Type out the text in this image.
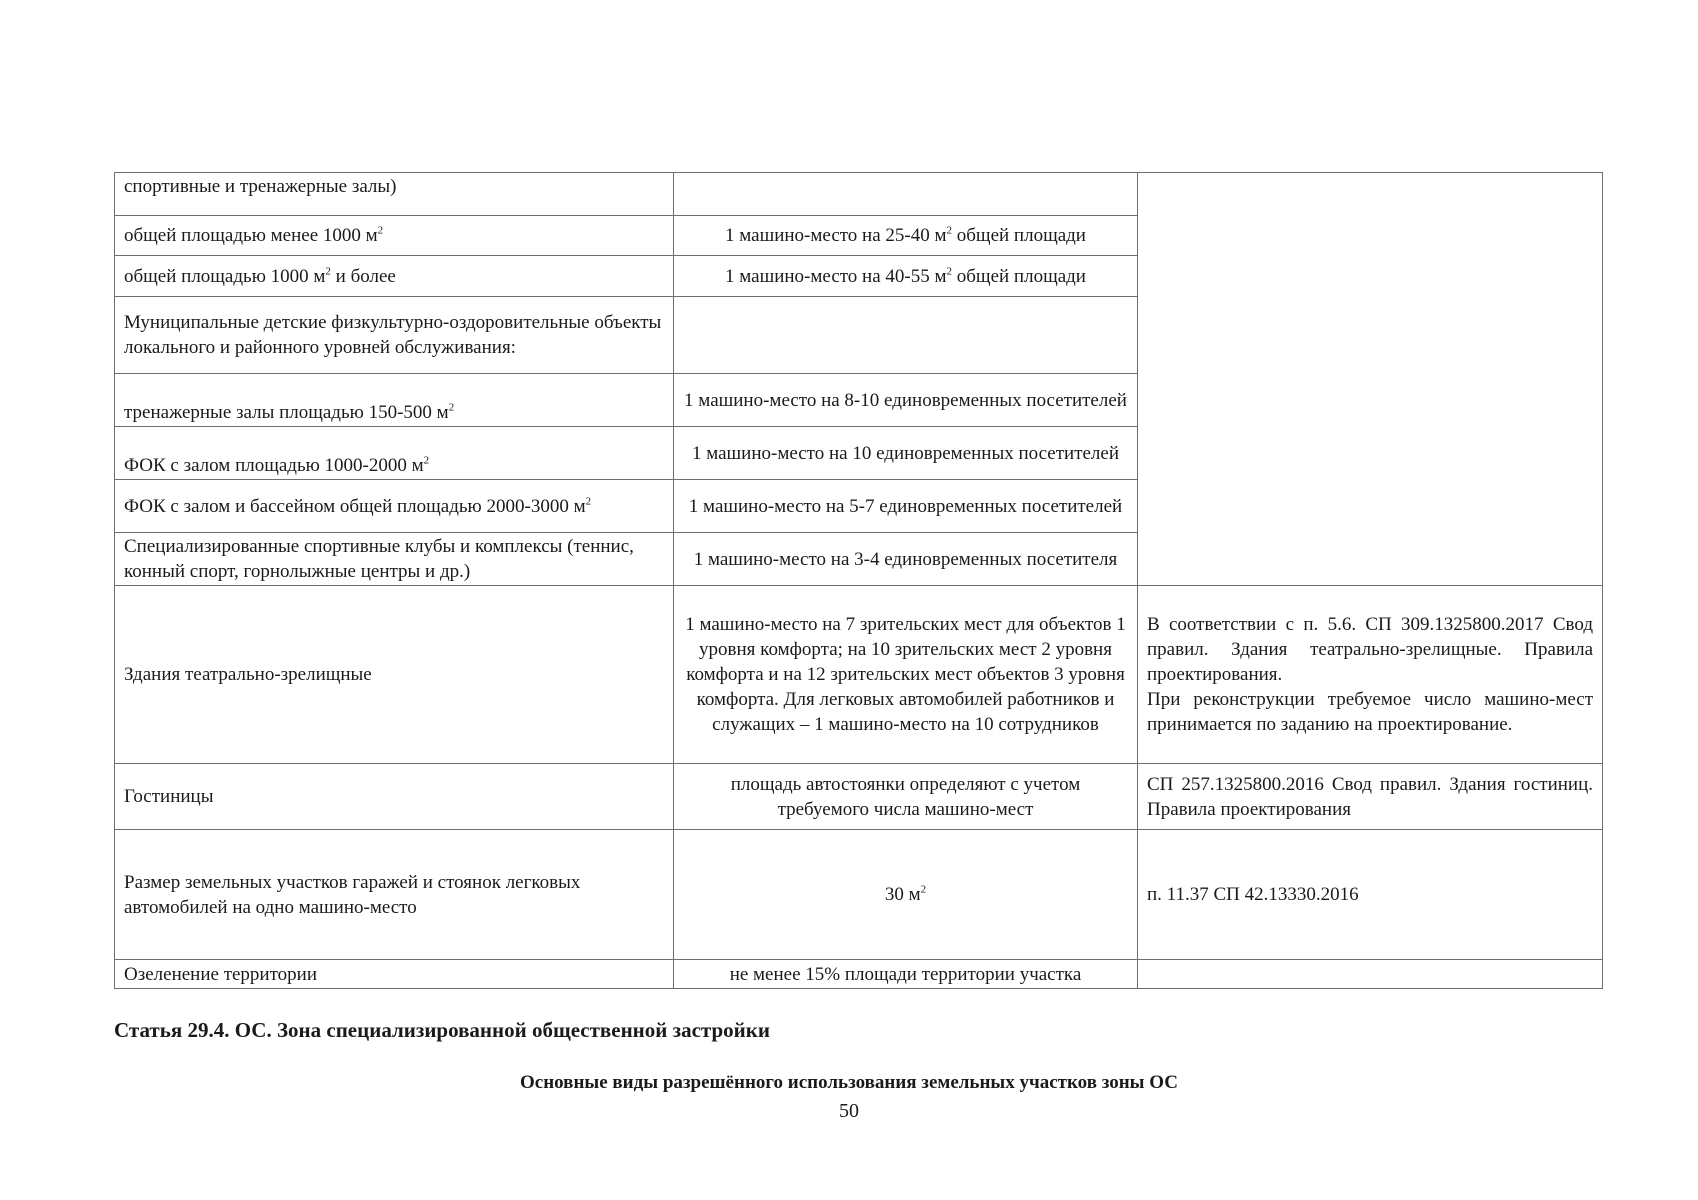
спортивные и тренажерные залы)		
общей площадью менее 1000 $м^2$	1 машино-место на 25-40 $м^2$ общей площади	
общей площадью 1000 $м^2$ и более	1 машино-место на 40-55 $м^2$ общей площади	
Муниципальные детские физкультурно-оздоровительные объекты локального и районного уровней обслуживания:		
тренажерные залы площадью 150-500 $м^2$	1 машино-место на 8-10 единовременных посетителей	
ФОК с залом площадью 1000-2000 $м^2$	1 машино-место на 10 единовременных посетителей	
ФОК с залом и бассейном общей площадью 2000-3000 $м^2$	1 машино-место на 5-7 единовременных посетителей	
Специализированные спортивные клубы и комплексы (теннис, конный спорт, горнолыжные центры и др.)	1 машино-место на 3-4 единовременных посетителя	
Здания театрально-зрелищные	1 машино-место на 7 зрительских мест для объектов 1 уровня комфорта; на 10 зрительских мест 2 уровня комфорта и на 12 зрительских мест объектов 3 уровня комфорта. Для легковых автомобилей работников и служащих – 1 машино-место на 10 сотрудников	В соответствии с п. 5.6. СП 309.1325800.2017 Свод правил. Здания театрально-зрелищные. Правила проектирования.
При реконструкции требуемое число машино-мест принимается по заданию на проектирование.

Гостиницы	площадь автостоянки определяют с учетом требуемого числа машино-мест	СП 257.1325800.2016 Свод правил. Здания гостиниц. Правила проектирования
Размер земельных участков гаражей и стоянок легковых автомобилей на одно машино-место	30 $м^2$	п. 11.37 СП 42.13330.2016
Озеленение территории	не менее 15% площади территории участка	
Статья 29.4. ОС. Зона специализированной общественной застройки
Основные виды разрешённого использования земельных участков зоны ОС
50
